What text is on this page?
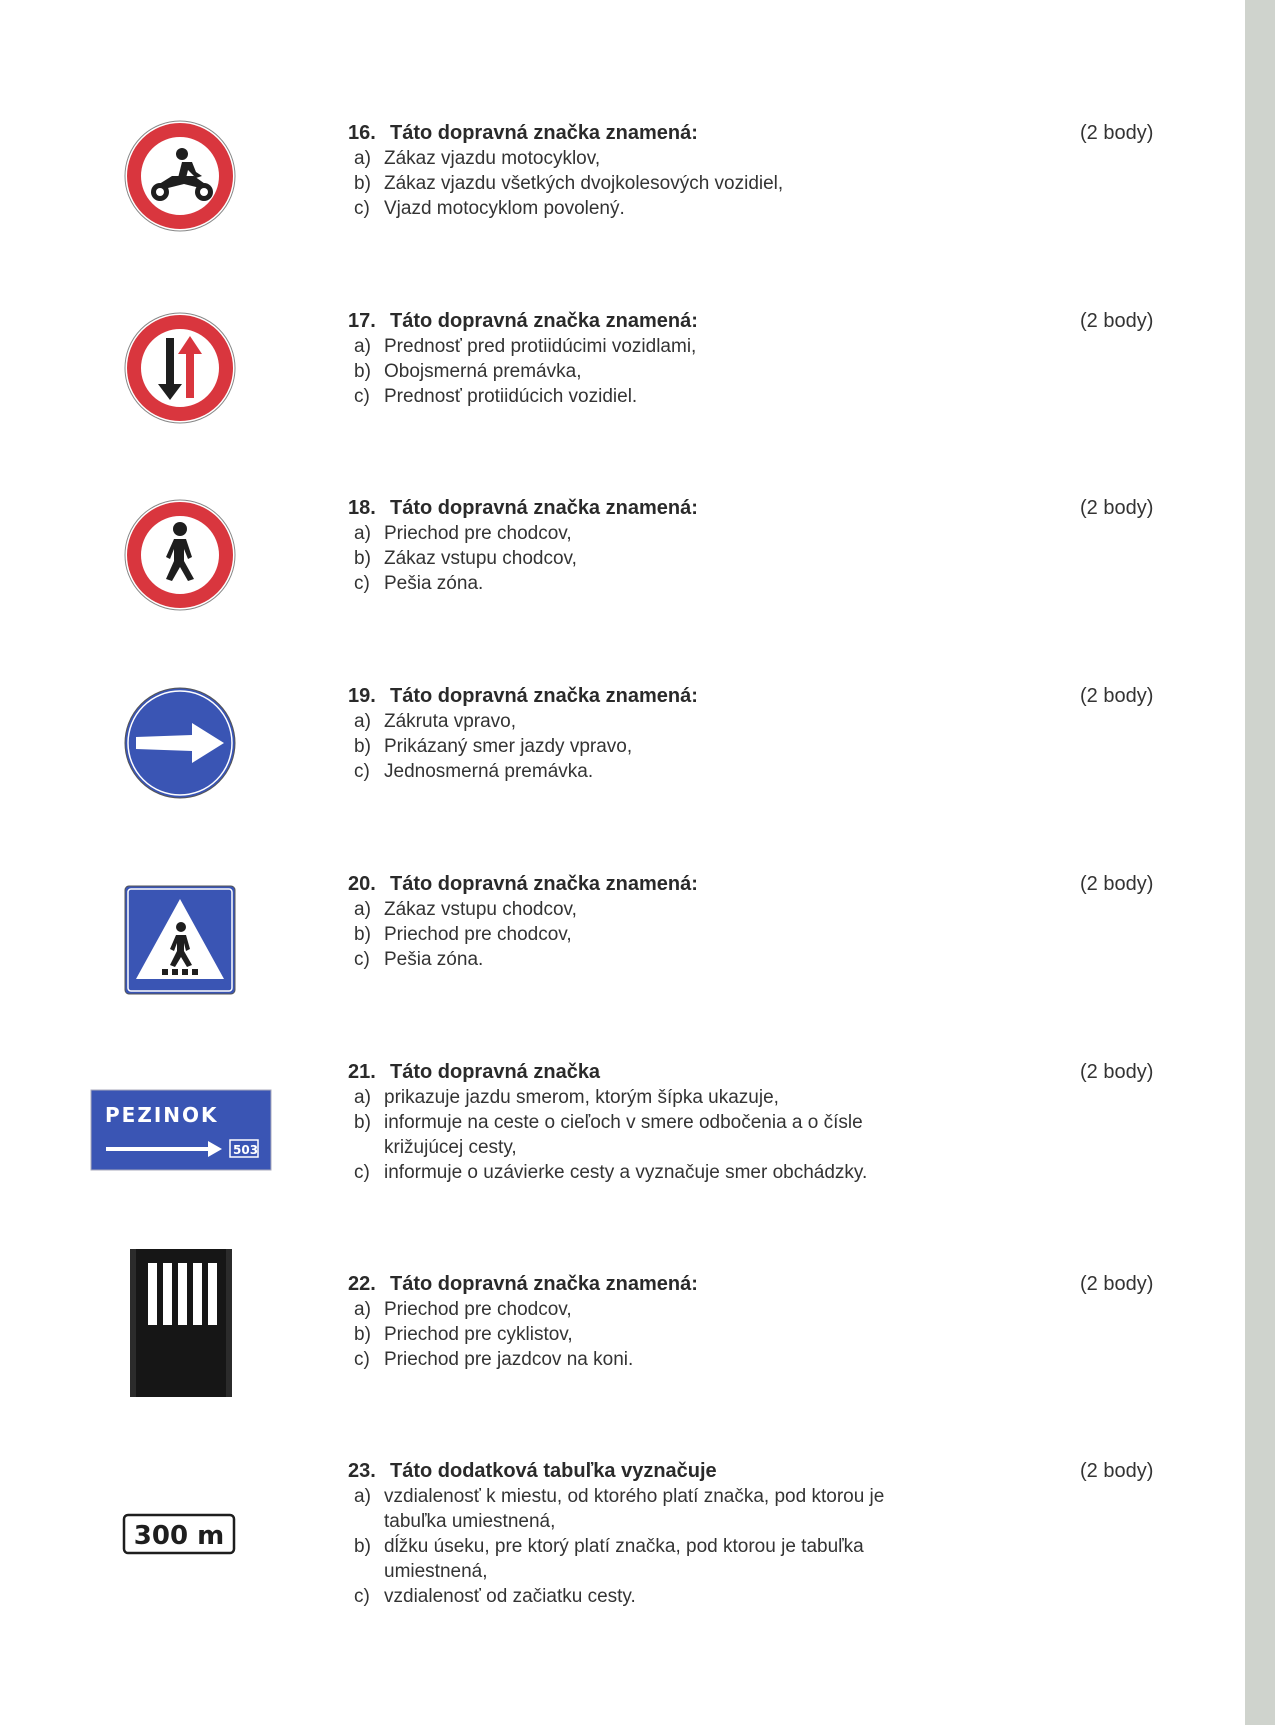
16. Táto dopravná značka znamená:
a) Zákaz vjazdu motocyklov,
b) Zákaz vjazdu všetkých dvojkolesových vozidiel,
c) Vjazd motocyklom povolený.
(2 body)
17. Táto dopravná značka znamená:
a) Prednosť pred protiidúcimi vozidlami,
b) Obojsmerná premávka,
c) Prednosť protiidúcich vozidiel.
(2 body)
18. Táto dopravná značka znamená:
a) Priechod pre chodcov,
b) Zákaz vstupu chodcov,
c) Pešia zóna.
(2 body)
19. Táto dopravná značka znamená:
a) Zákruta vpravo,
b) Prikázaný smer jazdy vpravo,
c) Jednosmerná premávka.
(2 body)
20. Táto dopravná značka znamená:
a) Zákaz vstupu chodcov,
b) Priechod pre chodcov,
c) Pešia zóna.
(2 body)
PEZINOK
503
21. Táto dopravná značka
a) prikazuje jazdu smerom, ktorým šípka ukazuje,
b) informuje na ceste o cieľoch v smere odbočenia a o čísle križujúcej cesty,
c) informuje o uzávierke cesty a vyznačuje smer obchádzky.
(2 body)
22. Táto dopravná značka znamená:
a) Priechod pre chodcov,
b) Priechod pre cyklistov,
c) Priechod pre jazdcov na koni.
(2 body)
300 m
23. Táto dodatková tabuľka vyznačuje
a) vzdialenosť k miestu, od ktorého platí značka, pod ktorou je tabuľka umiestnená,
b) dĺžku úseku, pre ktorý platí značka, pod ktorou je tabuľka umiestnená,
c) vzdialenosť od začiatku cesty.
(2 body)
